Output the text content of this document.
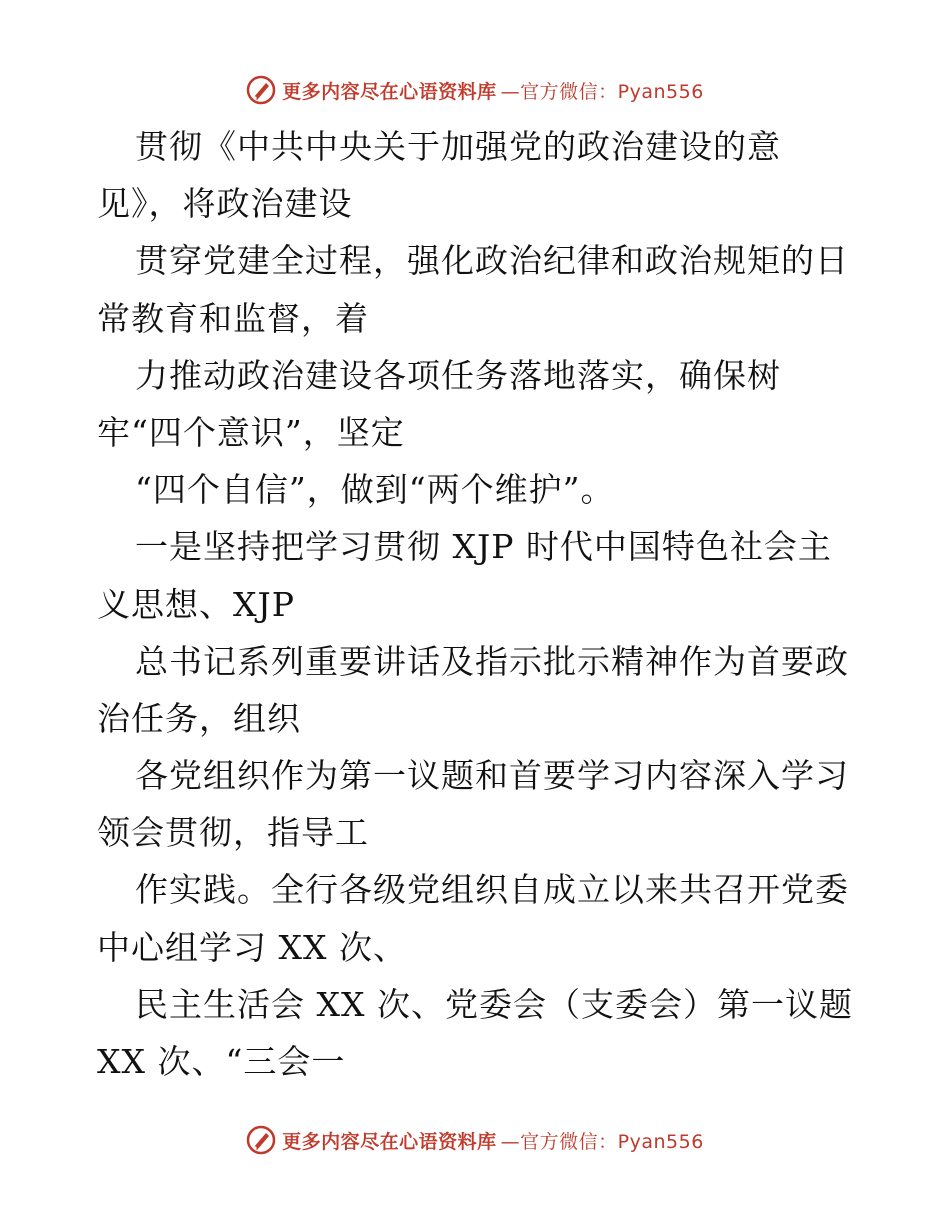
更多内容尽在心语资料库 —官方微信：Pyan556
贯彻《中共中央关于加强党的政治建设的意
见》，将政治建设
贯穿党建全过程，强化政治纪律和政治规矩的日
常教育和监督，着
力推动政治建设各项任务落地落实，确保树
牢“四个意识”，坚定
“四个自信”，做到“两个维护”。
一是坚持把学习贯彻 XJP 时代中国特色社会主
义思想、XJP
总书记系列重要讲话及指示批示精神作为首要政
治任务，组织
各党组织作为第一议题和首要学习内容深入学习
领会贯彻，指导工
作实践。全行各级党组织自成立以来共召开党委
中心组学习 XX 次、
民主生活会 XX 次、党委会（支委会）第一议题
XX 次、“三会一
更多内容尽在心语资料库 —官方微信：Pyan556
